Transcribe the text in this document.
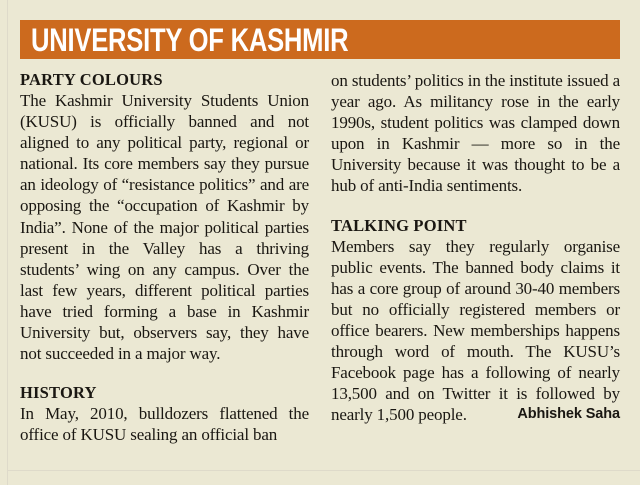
UNIVERSITY OF KASHMIR
PARTY COLOURS

The Kashmir University Students Union (KUSU) is officially banned and not aligned to any political party, regional or national. Its core members say they pursue an ideology of “resistance politics” and are opposing the “occupation of Kashmir by India”. None of the major political parties present in the Valley has a thriving students’ wing on any campus. Over the last few years, different political parties have tried forming a base in Kashmir University but, observers say, they have not succeeded in a major way.

HISTORY

In May, 2010, bulldozers flattened the office of KUSU sealing an official ban

on students’ politics in the institute issued a year ago. As militancy rose in the early 1990s, student politics was clamped down upon in Kashmir — more so in the University because it was thought to be a hub of anti-India sentiments.

TALKING POINT

Members say they regularly organise public events. The banned body claims it has a core group of around 30-40 members but no officially registered members or office bearers. New memberships happens through word of mouth. The KUSU’s Facebook page has a following of nearly 13,500 and on Twitter it is followed by nearly 1,500 people.	Abhishek Saha
